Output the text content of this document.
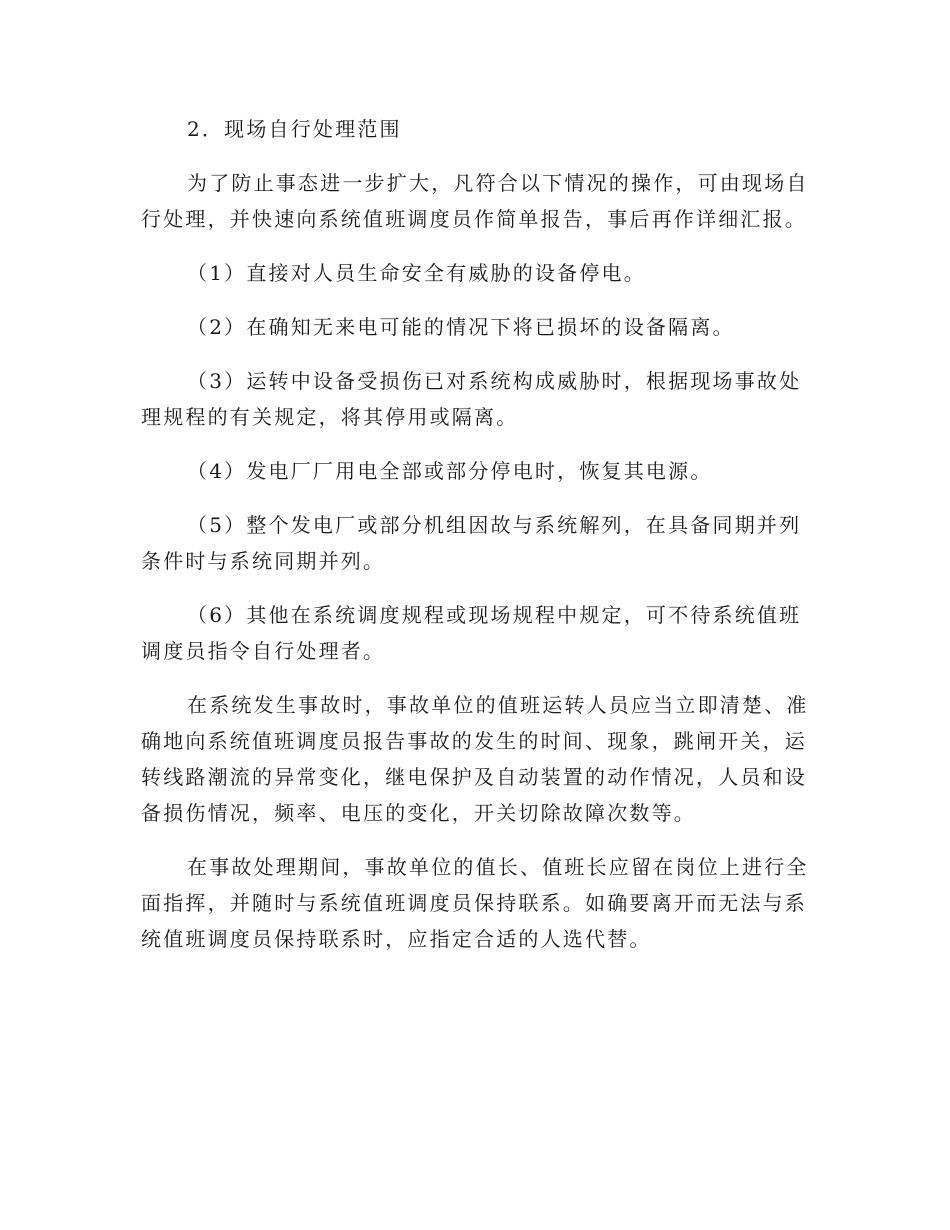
2．现场自行处理范围

为了防止事态进一步扩大，凡符合以下情况的操作，可由现场自行处理，并快速向系统值班调度员作简单报告，事后再作详细汇报。

（1）直接对人员生命安全有威胁的设备停电。

（2）在确知无来电可能的情况下将已损坏的设备隔离。

（3）运转中设备受损伤已对系统构成威胁时，根据现场事故处理规程的有关规定，将其停用或隔离。

（4）发电厂厂用电全部或部分停电时，恢复其电源。

（5）整个发电厂或部分机组因故与系统解列，在具备同期并列条件时与系统同期并列。

（6）其他在系统调度规程或现场规程中规定，可不待系统值班调度员指令自行处理者。

在系统发生事故时，事故单位的值班运转人员应当立即清楚、准确地向系统值班调度员报告事故的发生的时间、现象，跳闸开关，运转线路潮流的异常变化，继电保护及自动装置的动作情况，人员和设备损伤情况，频率、电压的变化，开关切除故障次数等。

在事故处理期间，事故单位的值长、值班长应留在岗位上进行全面指挥，并随时与系统值班调度员保持联系。如确要离开而无法与系统值班调度员保持联系时，应指定合适的人选代替。
